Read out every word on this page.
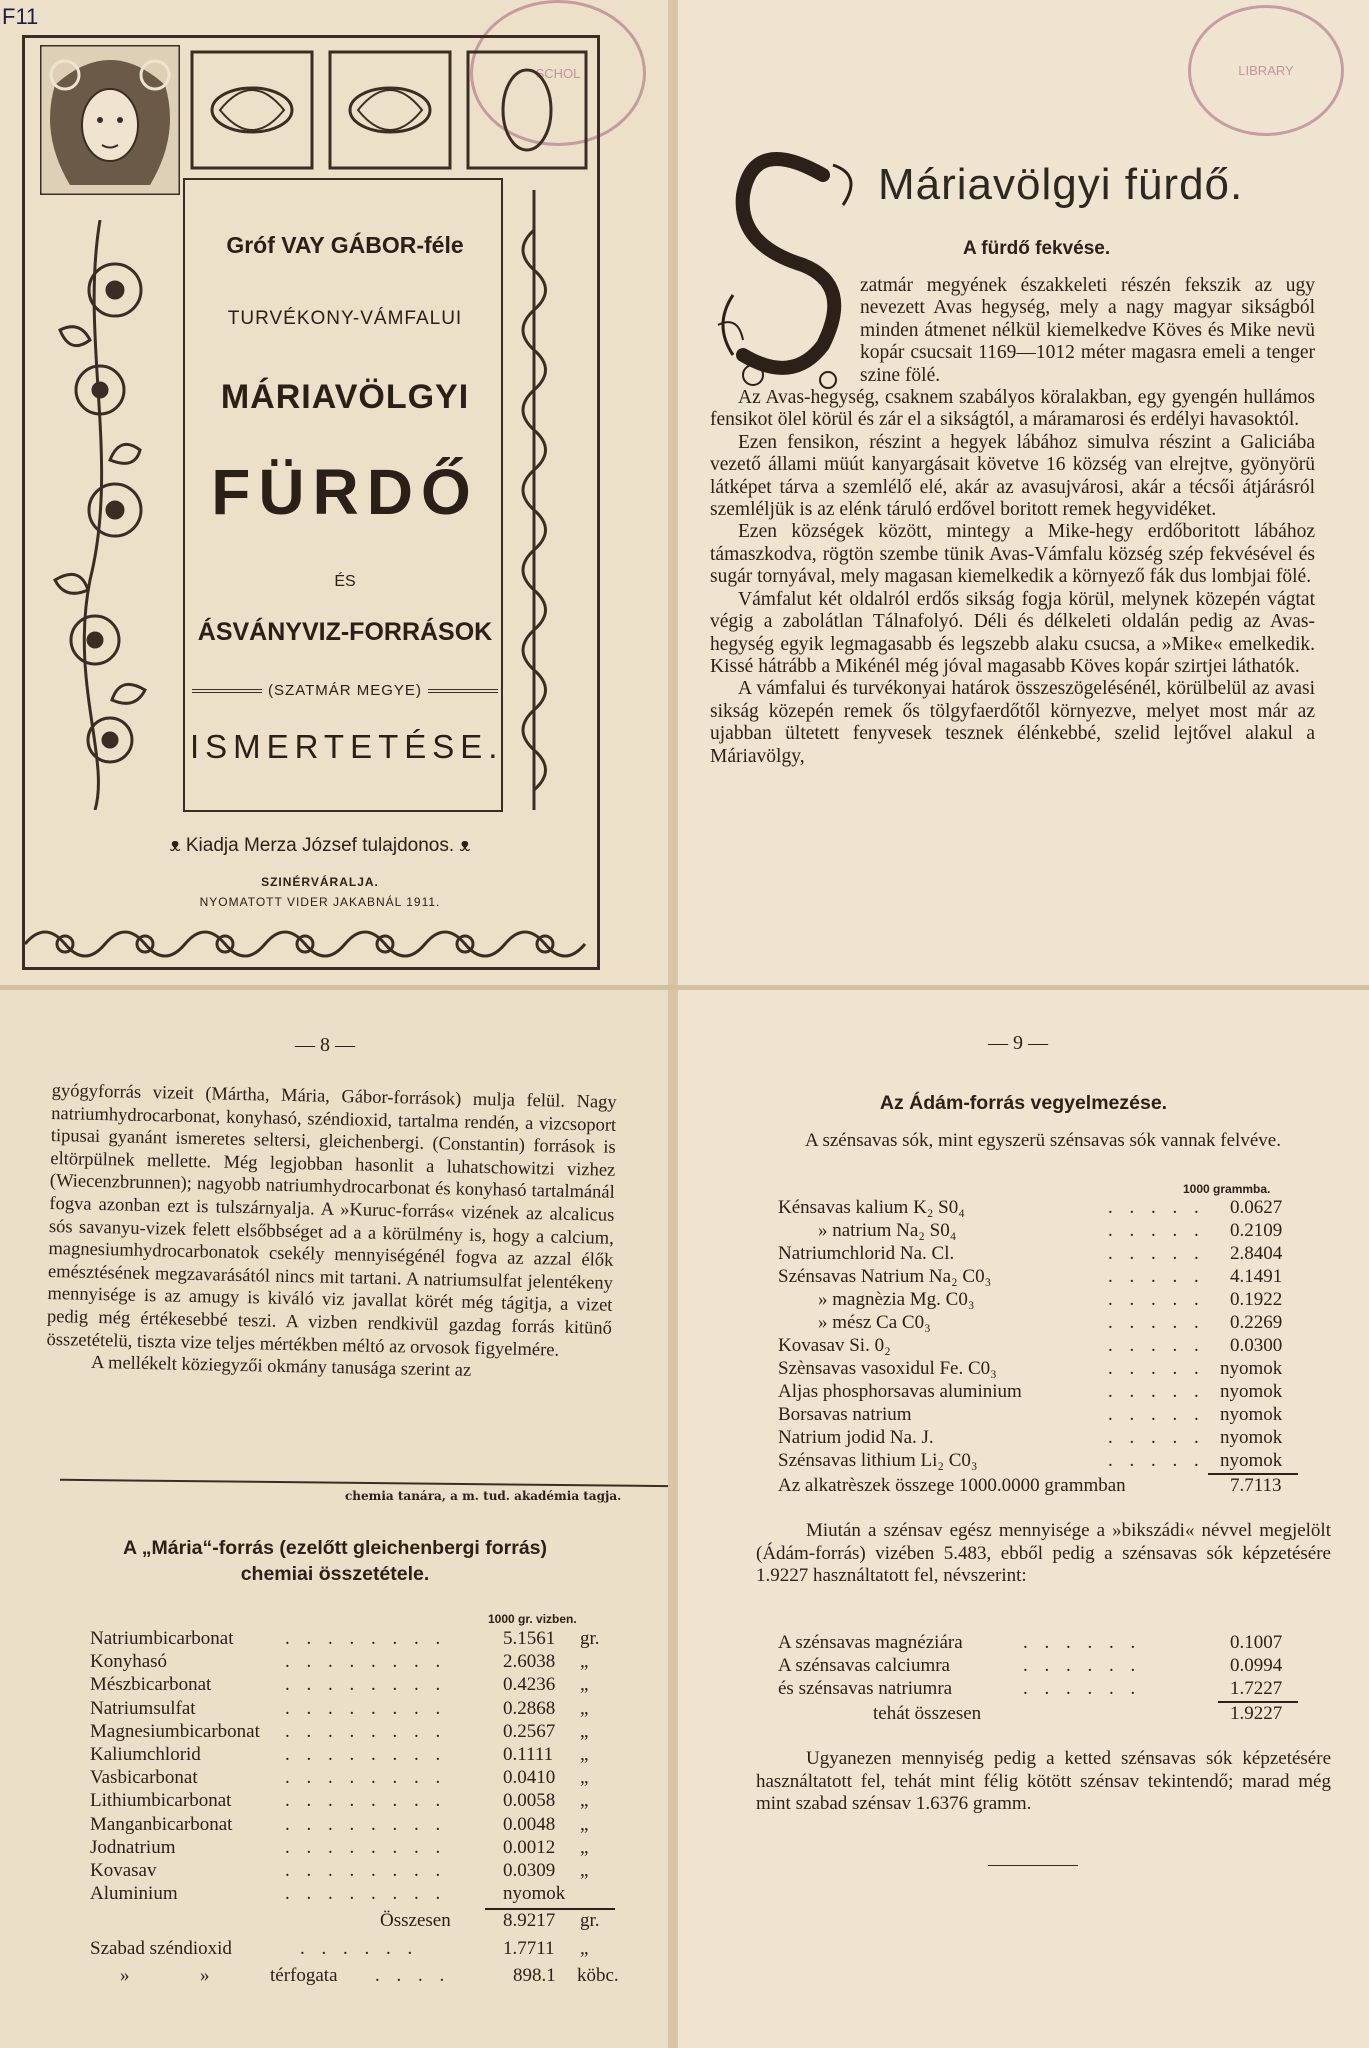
F11
SCHOL
Gróf VAY GÁBOR-féle
TURVÉKONY-VÁMFALUI
MÁRIAVÖLGYI
FÜRDŐ
ÉS
ÁSVÁNYVIZ-FORRÁSOK
(SZATMÁR MEGYE)
ISMERTETÉSE.
ᴥ Kiadja Merza József tulajdonos. ᴥ
SZINÉRVÁRALJA.
NYOMATOTT VIDER JAKABNÁL 1911.
LIBRARY
Máriavölgyi fürdő.
A fürdő fekvése.

zatmár megyének északkeleti részén fekszik az ugy nevezett Avas hegység, mely a nagy magyar sikságból minden átmenet nélkül kiemelkedve Köves és Mike nevü kopár csucsait 1169—1012 méter magasra emeli a tenger szine fölé.

Az Avas-hegység, csaknem szabályos köralakban, egy gyengén hullámos fensikot ölel körül és zár el a sikságtól, a máramarosi és erdélyi havasoktól.

Ezen fensikon, részint a hegyek lábához simulva részint a Galiciába vezető állami müút kanyargásait követve 16 község van elrejtve, gyönyörü látképet tárva a szemlélő elé, akár az avasujvárosi, akár a técsői átjárásról szemléljük is az elénk táruló erdővel boritott remek hegyvidéket.

Ezen községek között, mintegy a Mike-hegy erdőboritott lábához támaszkodva, rögtön szembe tünik Avas-Vámfalu község szép fekvésével és sugár tornyával, mely magasan kiemelkedik a környező fák dus lombjai fölé.

Vámfalut két oldalról erdős sikság fogja körül, melynek közepén vágtat végig a zabolátlan Tálnafolyó. Déli és délkeleti oldalán pedig az Avas-hegység egyik legmagasabb és legszebb alaku csucsa, a »Mike« emelkedik. Kissé hátrább a Mikénél még jóval magasabb Köves kopár szirtjei láthatók.

A vámfalui és turvékonyai határok összeszögelésénél, körülbelül az avasi sikság közepén remek ős tölgyfaerdőtől környezve, melyet most már az ujabban ültetett fenyvesek tesznek élénkebbé, szelid lejtővel alakul a Máriavölgy,

— 8 —

gyógyforrás vizeit (Mártha, Mária, Gábor-források) mulja felül. Nagy natriumhydrocarbonat, konyhasó, széndioxid, tartalma rendén, a vizcsoport tipusai gyanánt ismeretes seltersi, gleichenbergi. (Constantin) források is eltörpülnek mellette. Még legjobban hasonlit a luhatschowitzi vizhez (Wiecenzbrunnen); nagyobb natriumhydrocarbonat és konyhasó tartalmánál fogva azonban ezt is tulszárnyalja. A »Kuruc-forrás« vizének az alcalicus sós savanyu-vizek felett elsőbbséget ad a a körülmény is, hogy a calcium, magnesiumhydrocarbonatok csekély mennyiségénél fogva az azzal élők emésztésének megzavarásától nincs mit tartani. A natriumsulfat jelentékeny mennyisége is az amugy is kiváló viz javallat körét még tágitja, a vizet pedig még értékesebbé teszi. A vizben rendkivül gazdag forrás kitünő összetételü, tiszta vize teljes mértékben méltó az orvosok figyelmére.

A mellékelt köziegyzői okmány tanusága szerint az

chemia tanára, a m. tud. akadémia tagja.
A „Mária“-forrás (ezelőtt gleichenbergi forrás)
chemiai összetétele.
1000 gr. vizben.
Natriumbicarbonat	. . . . . . . .	5.1561 gr.
Konyhasó	. . . . . . . .	2.6038 „
Mészbicarbonat	. . . . . . . .	0.4236 „
Natriumsulfat	. . . . . . . .	0.2868 „
Magnesiumbicarbonat . . . . . . . .	0.2567 „
Kaliumchlorid	. . . . . . . .	0.1111 „
Vasbicarbonat	. . . . . . . .	0.0410 „
Lithiumbicarbonat	. . . . . . . .	0.0058 „
Manganbicarbonat	. . . . . . . .	0.0048 „
Jodnatrium	. . . . . . . .	0.0012 „
Kovasav	. . . . . . . .	0.0309 „
Aluminium	. . . . . . . .	nyomok
Összesen	8.9217 gr.
Szabad széndioxid	. . . . . .	1.7711 „
»	»	térfogata . . . .	898.1 köbc.
— 9 —
Az Ádám-forrás vegyelmezése.
A szénsavas sók, mint egyszerü szénsavas sók vannak felvéve.
1000 grammba.
Kénsavas kalium K₂ S0₄	. . . . . 0.0627
» natrium Na₂ S0₄	. . . . . 0.2109
Natriumchlorid Na. Cl.	. . . . . 2.8404
Szénsavas Natrium Na₂ C0₃	. . . . . 4.1491
» magnèzia Mg. C0₃	. . . . . 0.1922
» mész Ca C0₃	. . . . . 0.2269
Kovasav Si. 0₂	. . . . . 0.0300
Szènsavas vasoxidul Fe. C0₃	. . . . . nyomok
Aljas phosphorsavas aluminium	. . . . . nyomok
Borsavas natrium	. . . . . nyomok
Natrium jodid Na. J.	. . . . . nyomok
Szénsavas lithium Li₂ C0₃	. . . . . nyomok
Az alkatrèszek összege 1000.0000 grammban	7.7113

Miután a szénsav egész mennyisége a »bikszádi« névvel megjelölt (Ádám-forrás) vizében 5.483, ebből pedig a szénsavas sók képzetésére 1.9227 használtatott fel, névszerint:

A szénsavas magnéziára	. . . . . .	0.1007
A szénsavas calciumra	. . . . . .	0.0994
és szénsavas natriumra	. . . . . .	1.7227
tehát összesen	1.9227

Ugyanezen mennyiség pedig a ketted szénsavas sók képzetésére használtatott fel, tehát mint félig kötött szénsav tekintendő; marad még mint szabad szénsav 1.6376 gramm.
